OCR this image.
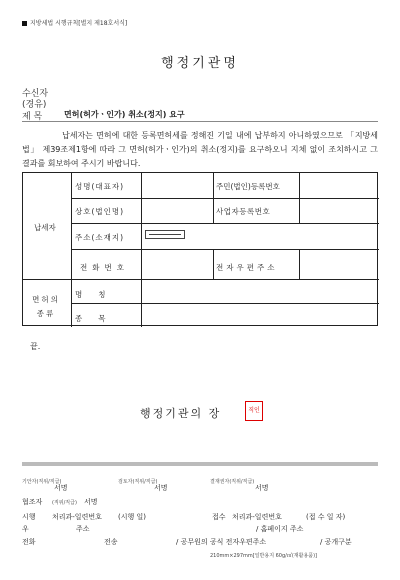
지방세법 시행규칙[별지 제18호서식]
행정기관명
수신자
(경유)
제 목	면허(허가ㆍ인가) 취소(정지) 요구
납세자는 면허에 대한 등록면허세를 정해진 기일 내에 납부하지 아니하였으므로 「지방세법」 제39조제1항에 따라 그 면허(허가ㆍ인가)의 취소(정지)를 요구하오니 지체 없이 조치하시고 그 결과를 회보하여 주시기 바랍니다.
납세자
성명(대표자)	주민(법인)등록번호
상호(법인명)	사업자등록번호
주소(소재지)
전화번호	전자우편주소
면허의 종류
명칭
종목
끝.
행정기관의 장	직인
기안자(직위/직급)
서명
검토자(직위/직급)
서명
결재권자(직위/직급)
서명
협조자 (직위/직급) 서명
시행 처리과-일련번호 (시행 일)	접수 처리과-일련번호	(접 수 일 자)
우	주소	/ 홈페이지 주소
전화	전송	/ 공무원의 공식 전자우편주소	/ 공개구분
210mm×297mm[일반용지 60g/㎡(재활용품)]
